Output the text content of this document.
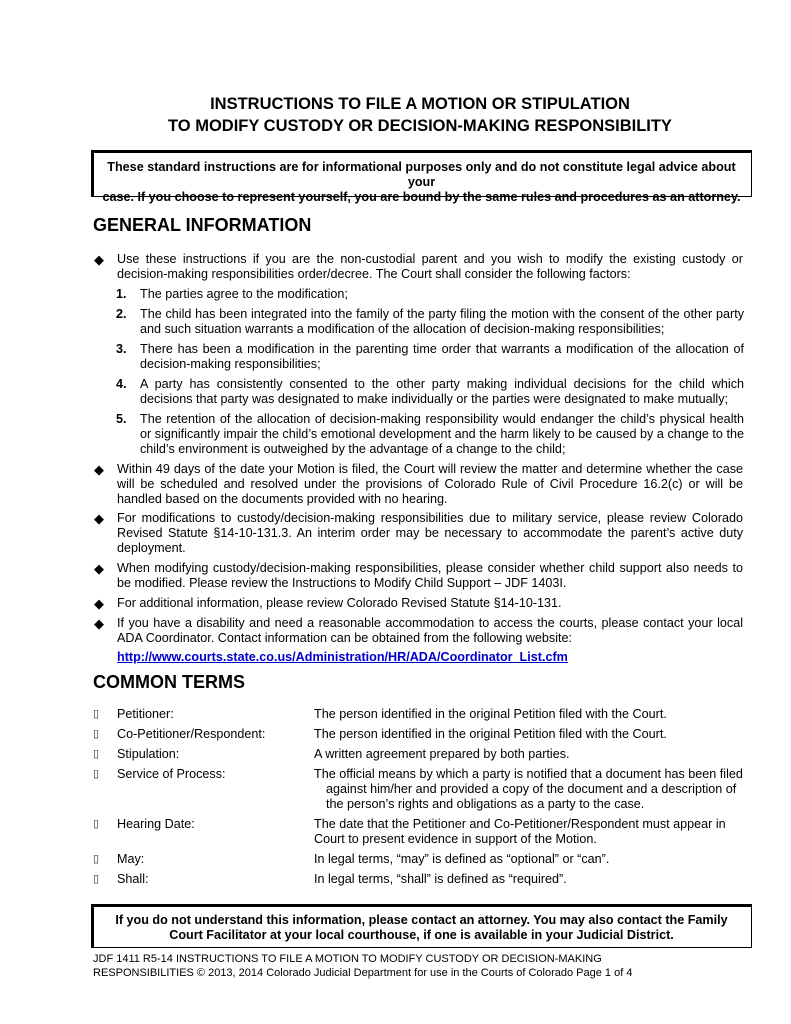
INSTRUCTIONS TO FILE A MOTION OR STIPULATION
TO MODIFY CUSTODY OR DECISION-MAKING RESPONSIBILITY
These standard instructions are for informational purposes only and do not constitute legal advice about your
case. If you choose to represent yourself, you are bound by the same rules and procedures as an attorney.
GENERAL INFORMATION
◆ Use these instructions if you are the non-custodial parent and you wish to modify the existing custody or decision-making responsibilities order/decree. The Court shall consider the following factors:
1. The parties agree to the modification;
2. The child has been integrated into the family of the party filing the motion with the consent of the other party and such situation warrants a modification of the allocation of decision-making responsibilities;
3. There has been a modification in the parenting time order that warrants a modification of the allocation of decision-making responsibilities;
4. A party has consistently consented to the other party making individual decisions for the child which decisions that party was designated to make individually or the parties were designated to make mutually;
5. The retention of the allocation of decision-making responsibility would endanger the child’s physical health or significantly impair the child’s emotional development and the harm likely to be caused by a change to the child’s environment is outweighed by the advantage of a change to the child;
◆ Within 49 days of the date your Motion is filed, the Court will review the matter and determine whether the case will be scheduled and resolved under the provisions of Colorado Rule of Civil Procedure 16.2(c) or will be handled based on the documents provided with no hearing.
◆ For modifications to custody/decision-making responsibilities due to military service, please review Colorado Revised Statute §14-10-131.3. An interim order may be necessary to accommodate the parent’s active duty deployment.
◆ When modifying custody/decision-making responsibilities, please consider whether child support also needs to be modified. Please review the Instructions to Modify Child Support – JDF 1403I.
◆ For additional information, please review Colorado Revised Statute §14-10-131.
◆ If you have a disability and need a reasonable accommodation to access the courts, please contact your local ADA Coordinator. Contact information can be obtained from the following website:
http://www.courts.state.co.us/Administration/HR/ADA/Coordinator_List.cfm
COMMON TERMS
▯ Petitioner:	The person identified in the original Petition filed with the Court.
▯ Co-Petitioner/Respondent:	The person identified in the original Petition filed with the Court.
▯ Stipulation:	A written agreement prepared by both parties.
▯ Service of Process:	The official means by which a party is notified that a document has been filed against him/her and provided a copy of the document and a description of the person’s rights and obligations as a party to the case.
▯ Hearing Date:	The date that the Petitioner and Co-Petitioner/Respondent must appear in Court to present evidence in support of the Motion.
▯ May:	In legal terms, “may” is defined as “optional” or “can”.
▯ Shall:	In legal terms, “shall” is defined as “required”.
If you do not understand this information, please contact an attorney. You may also contact the Family
Court Facilitator at your local courthouse, if one is available in your Judicial District.
JDF 1411 R5-14 INSTRUCTIONS TO FILE A MOTION TO MODIFY CUSTODY OR DECISION-MAKING
RESPONSIBILITIES © 2013, 2014 Colorado Judicial Department for use in the Courts of Colorado Page 1 of 4
